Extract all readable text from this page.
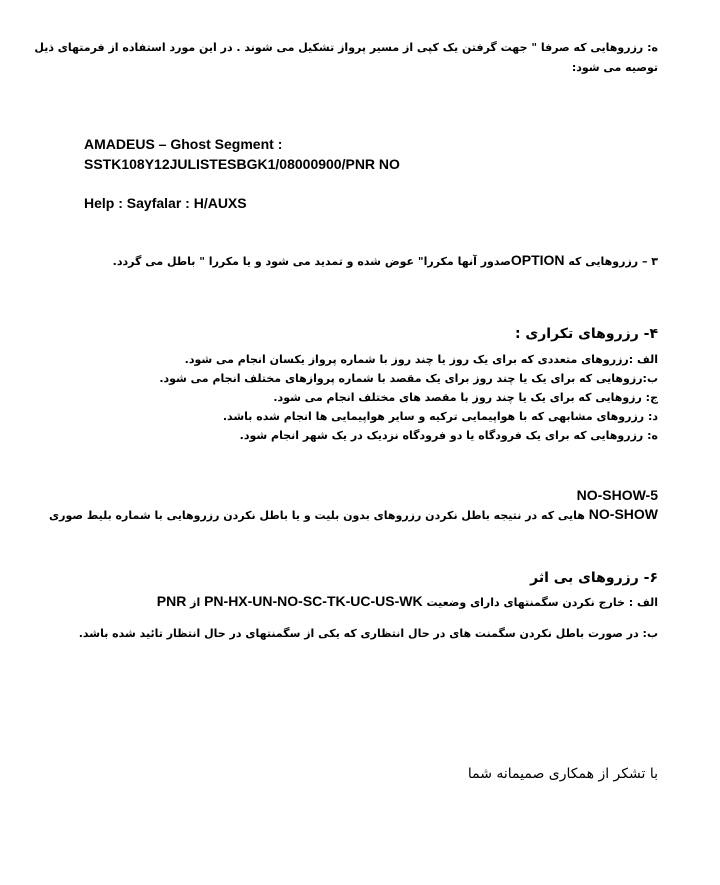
ه: رزروهایی که صرفا " جهت گرفتن یک کپی از مسیر پرواز تشکیل می شوند . در این مورد استفاده از فرمتهای ذیل
توصیه می شود:
AMADEUS – Ghost Segment :
SSTK108Y12JULISTESBGK1/08000900/PNR NO
Help : Sayfalar : H/AUXS
۳ – رزروهایی که OPTIONصدور آنها مکررا" عوض شده و تمدید می شود و یا مکررا " باطل می گردد.
۴- رزروهای تکراری :
الف :رزروهای متعددی که برای یک روز یا چند روز با شماره پرواز یکسان انجام می شود.
ب:رزوهایی که برای یک یا چند روز برای یک مقصد با شماره پروازهای مختلف انجام می شود.
ج: رزوهایی که برای یک یا چند روز با مقصد های مختلف انجام می شود.
د: رزروهای مشابهی که با هواپیمایی ترکیه و سایر هواپیمایی ها انجام شده باشد.
ه: رزروهایی که برای یک فرودگاه یا دو فرودگاه نزدیک در یک شهر انجام شود.
NO-SHOW-5
NO-SHOW هایی که در نتیجه باطل نکردن رزروهای بدون بلیت و یا باطل نکردن رزروهایی با شماره بلیط صوری
۶- رزروهای بی اثر
الف : خارج نکردن سگمنتهای دارای وضعیت PN-HX-UN-NO-SC-TK-UC-US-WK از PNR
ب: در صورت باطل نکردن سگمنت های در حال انتظاری که یکی از سگمنتهای در حال انتظار تائید شده باشد.
با تشکر از همکاری صمیمانه شما
